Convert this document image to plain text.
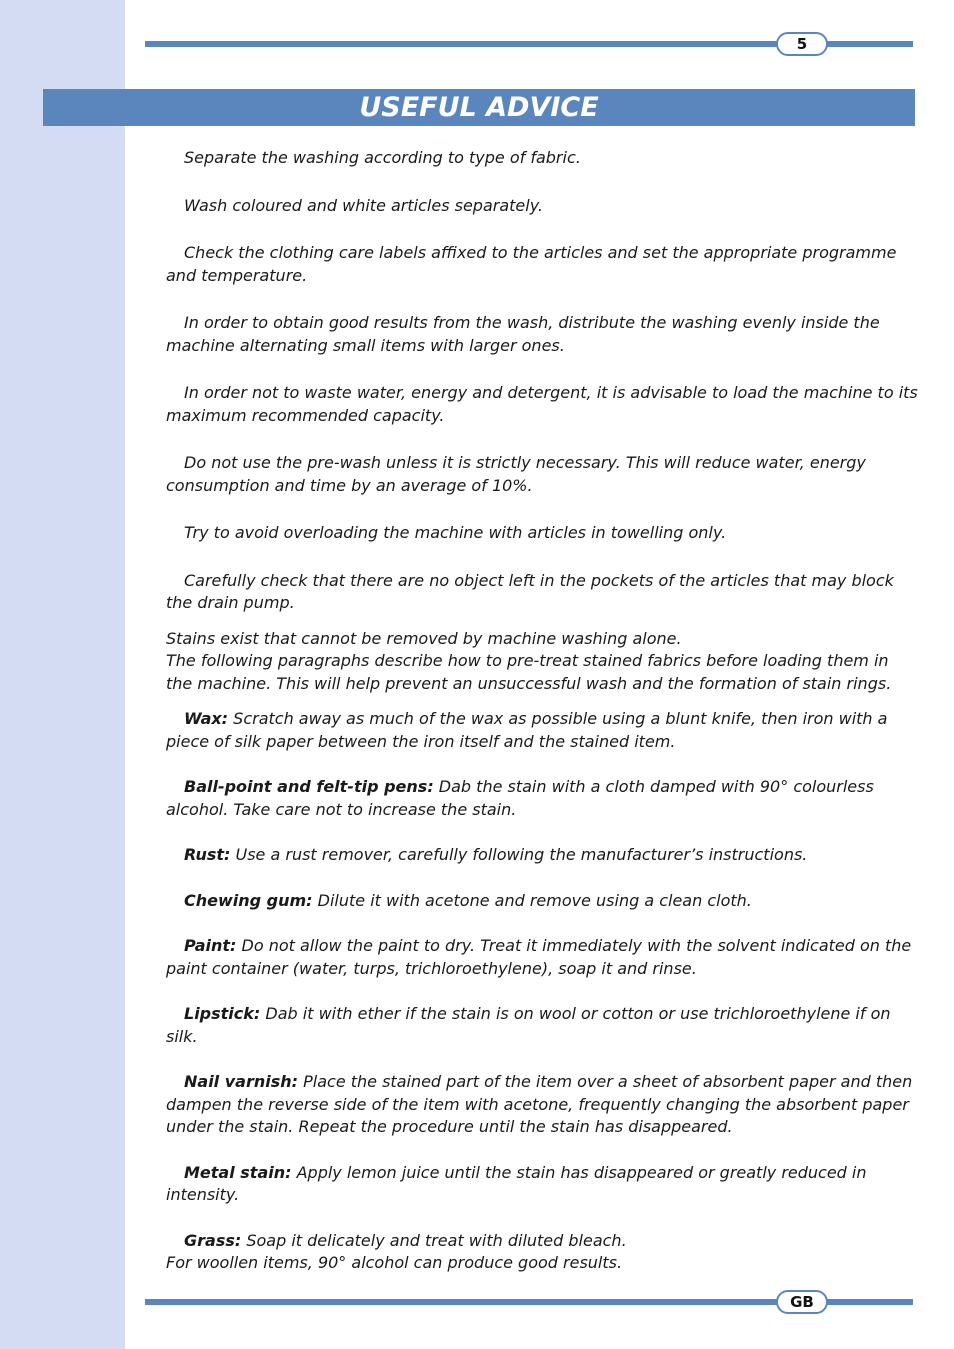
5
USEFUL ADVICE

Separate the washing according to type of fabric.

Wash coloured and white articles separately.

Check the clothing care labels affixed to the articles and set the appropriate programme and temperature.

In order to obtain good results from the wash, distribute the washing evenly inside the machine alternating small items with larger ones.

In order not to waste water, energy and detergent, it is advisable to load the machine to its maximum recommended capacity.

Do not use the pre-wash unless it is strictly necessary. This will reduce water, energy consumption and time by an average of 10%.

Try to avoid overloading the machine with articles in towelling only.

Carefully check that there are no object left in the pockets of the articles that may block the drain pump.

Stains exist that cannot be removed by machine washing alone.

The following paragraphs describe how to pre-treat stained fabrics before loading them in the machine. This will help prevent an unsuccessful wash and the formation of stain rings.

Wax: Scratch away as much of the wax as possible using a blunt knife, then iron with a piece of silk paper between the iron itself and the stained item.

Ball-point and felt-tip pens: Dab the stain with a cloth damped with 90° colourless alcohol. Take care not to increase the stain.

Rust: Use a rust remover, carefully following the manufacturer’s instructions.

Chewing gum: Dilute it with acetone and remove using a clean cloth.

Paint: Do not allow the paint to dry. Treat it immediately with the solvent indicated on the paint container (water, turps, trichloroethylene), soap it and rinse.

Lipstick: Dab it with ether if the stain is on wool or cotton or use trichloroethylene if on silk.

Nail varnish: Place the stained part of the item over a sheet of absorbent paper and then dampen the reverse side of the item with acetone, frequently changing the absorbent paper under the stain. Repeat the procedure until the stain has disappeared.

Metal stain: Apply lemon juice until the stain has disappeared or greatly reduced in intensity.

Grass: Soap it delicately and treat with diluted bleach.

For woollen items, 90° alcohol can produce good results.

GB
